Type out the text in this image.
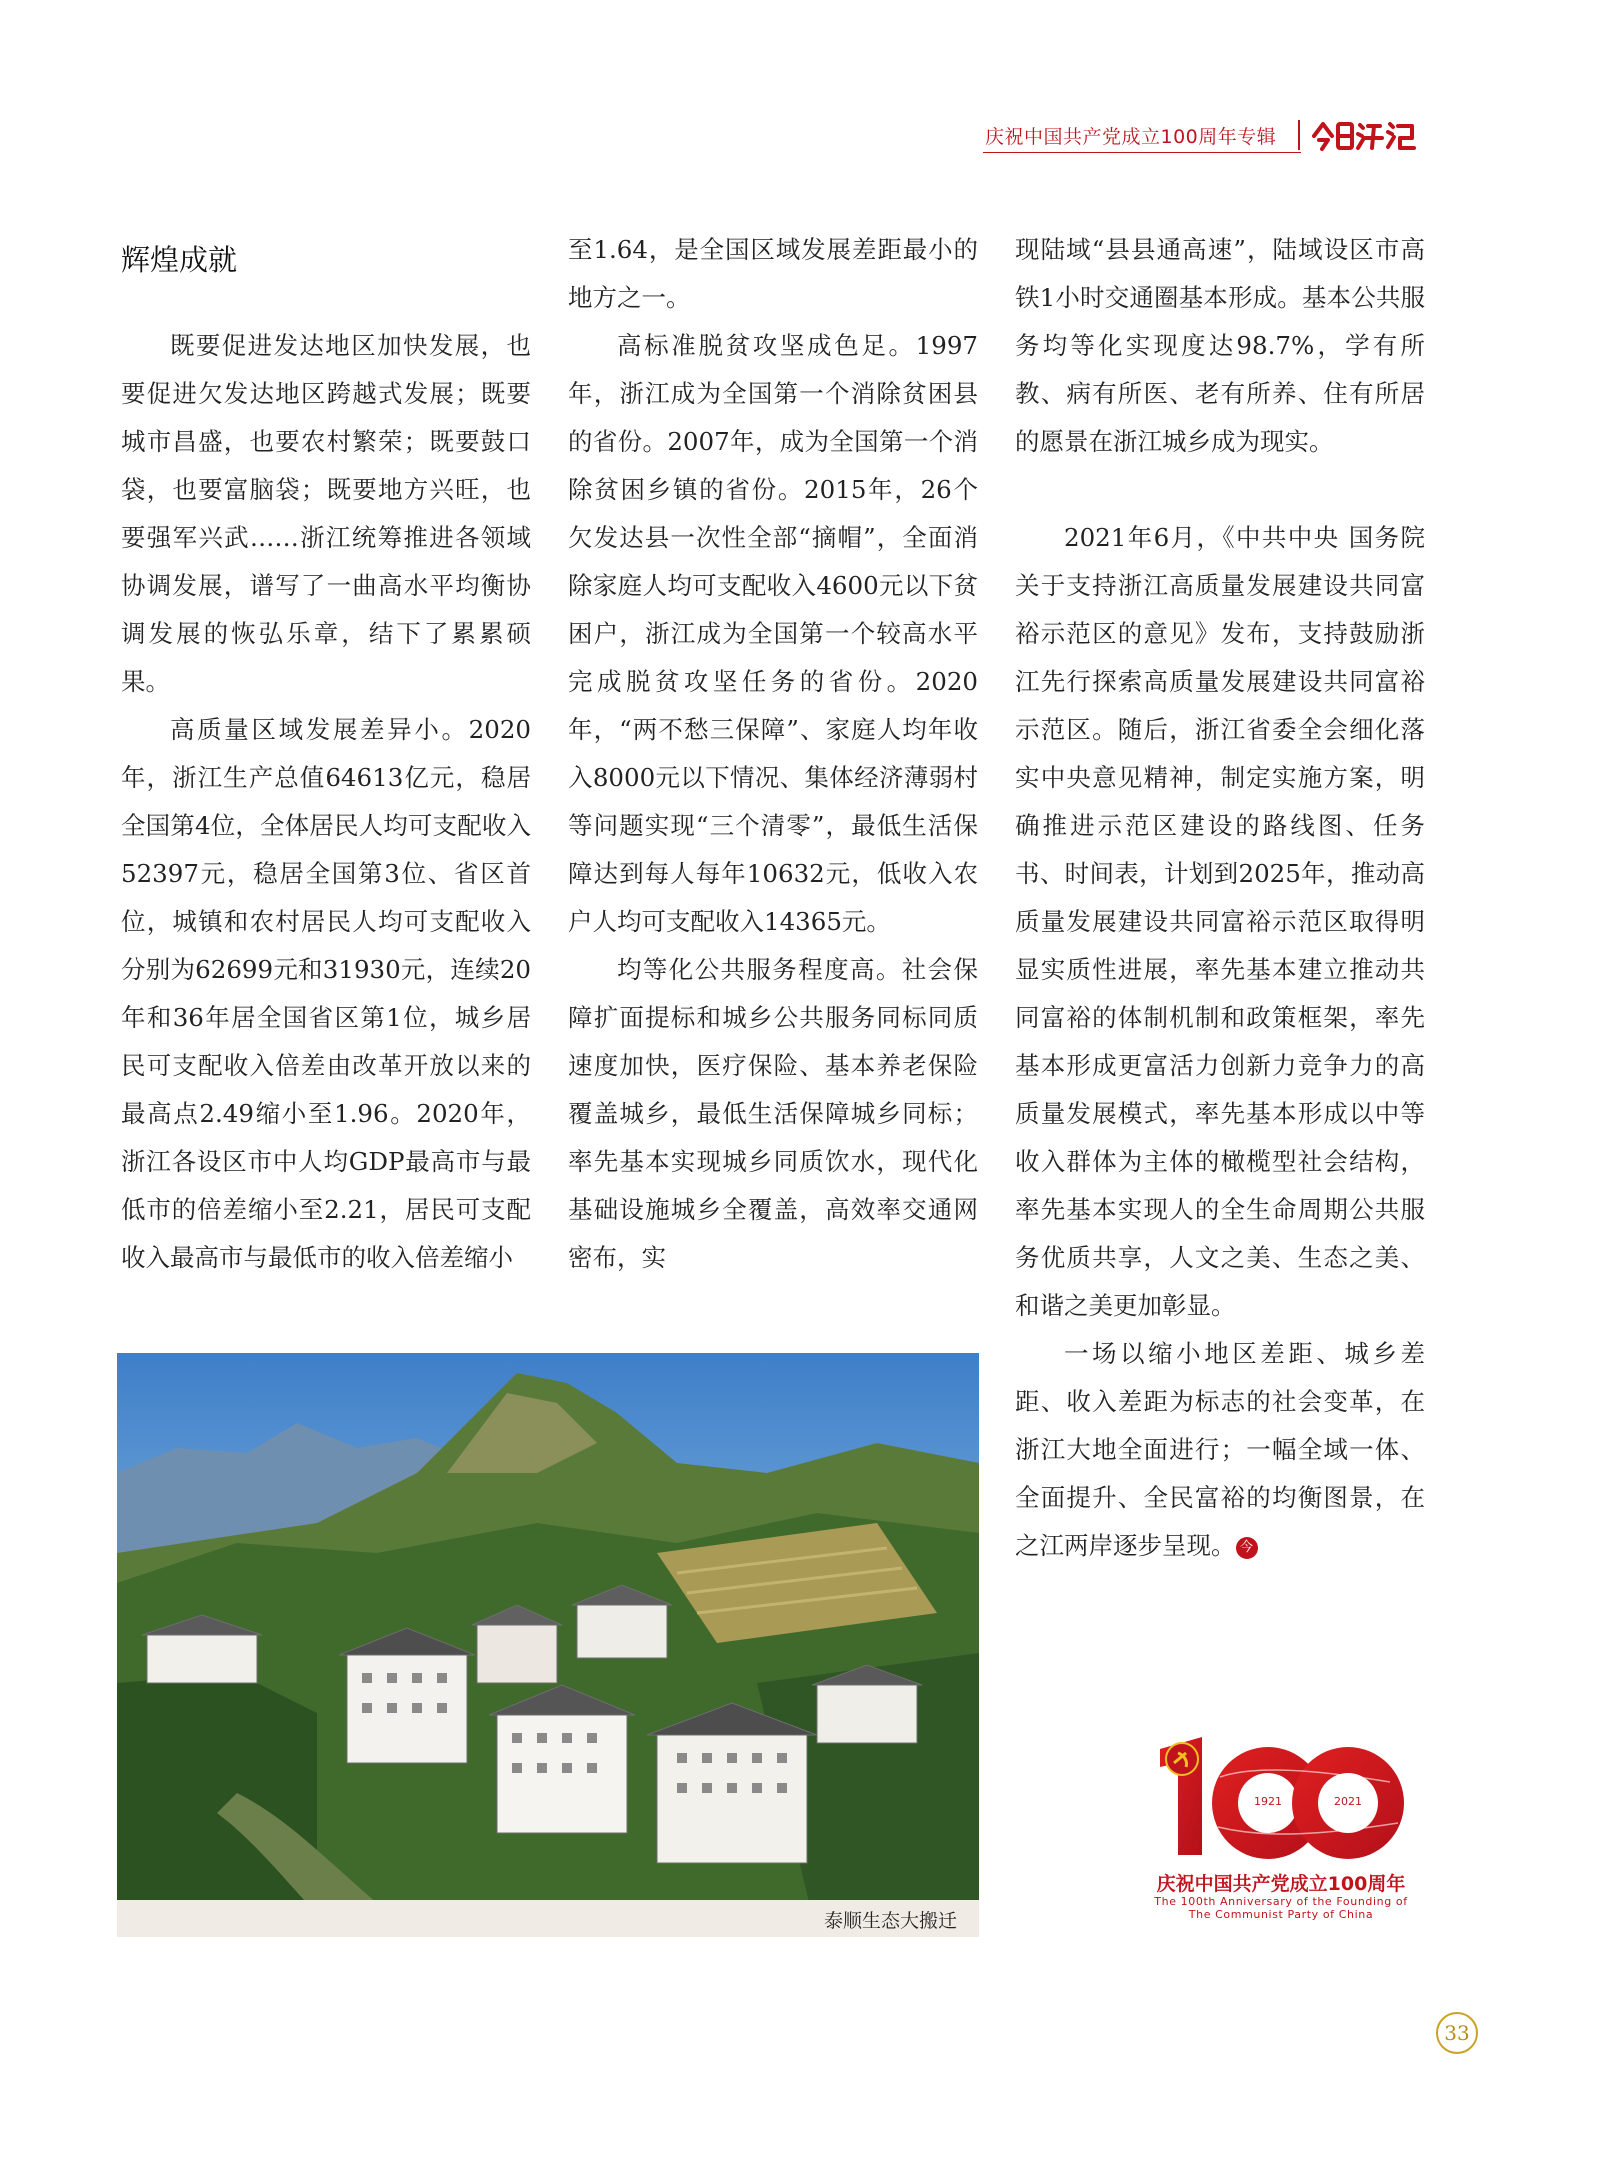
庆祝中国共产党成立100周年专辑
辉煌成就

既要促进发达地区加快发展，也要促进欠发达地区跨越式发展；既要城市昌盛，也要农村繁荣；既要鼓口袋，也要富脑袋；既要地方兴旺，也要强军兴武……浙江统筹推进各领域协调发展，谱写了一曲高水平均衡协调发展的恢弘乐章，结下了累累硕果。

高质量区域发展差异小。2020年，浙江生产总值64613亿元，稳居全国第4位，全体居民人均可支配收入52397元，稳居全国第3位、省区首位，城镇和农村居民人均可支配收入分别为62699元和31930元，连续20年和36年居全国省区第1位，城乡居民可支配收入倍差由改革开放以来的最高点2.49缩小至1.96。2020年，浙江各设区市中人均GDP最高市与最低市的倍差缩小至2.21，居民可支配收入最高市与最低市的收入倍差缩小

至1.64，是全国区域发展差距最小的地方之一。

高标准脱贫攻坚成色足。1997年，浙江成为全国第一个消除贫困县的省份。2007年，成为全国第一个消除贫困乡镇的省份。2015年，26个欠发达县一次性全部“摘帽”，全面消除家庭人均可支配收入4600元以下贫困户，浙江成为全国第一个较高水平完成脱贫攻坚任务的省份。2020年，“两不愁三保障”、家庭人均年收入8000元以下情况、集体经济薄弱村等问题实现“三个清零”，最低生活保障达到每人每年10632元，低收入农户人均可支配收入14365元。

均等化公共服务程度高。社会保障扩面提标和城乡公共服务同标同质速度加快，医疗保险、基本养老保险覆盖城乡，最低生活保障城乡同标；率先基本实现城乡同质饮水，现代化基础设施城乡全覆盖，高效率交通网密布，实

现陆域“县县通高速”，陆域设区市高铁1小时交通圈基本形成。基本公共服务均等化实现度达98.7%，学有所教、病有所医、老有所养、住有所居的愿景在浙江城乡成为现实。

2021年6月，《中共中央 国务院关于支持浙江高质量发展建设共同富裕示范区的意见》发布，支持鼓励浙江先行探索高质量发展建设共同富裕示范区。随后，浙江省委全会细化落实中央意见精神，制定实施方案，明确推进示范区建设的路线图、任务书、时间表，计划到2025年，推动高质量发展建设共同富裕示范区取得明显实质性进展，率先基本建立推动共同富裕的体制机制和政策框架，率先基本形成更富活力创新力竞争力的高质量发展模式，率先基本形成以中等收入群体为主体的橄榄型社会结构，率先基本实现人的全生命周期公共服务优质共享，人文之美、生态之美、和谐之美更加彰显。

一场以缩小地区差距、城乡差距、收入差距为标志的社会变革，在浙江大地全面进行；一幅全域一体、全面提升、全民富裕的均衡图景，在之江两岸逐步呈现。 今

泰顺生态大搬迁
1921	2021
庆祝中国共产党成立100周年
The 100th Anniversary of the Founding of
The Communist Party of China
33
